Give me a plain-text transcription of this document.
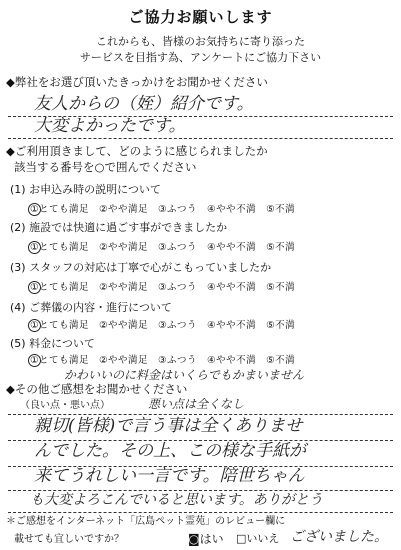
ご協力お願いします
これからも、皆様のお気持ちに寄り添った
サービスを目指す為、アンケートにご協力下さい
◆弊社をお選び頂いたきっかけをお聞かせください
友人からの（姪）紹介です。
大変よかったです。
◆ご利用頂きまして、どのように感じられましたか
該当する番号を○で囲んでください
(1) お申込み時の説明について
①とても満足　②やや満足　③ふつう　④やや不満　⑤不満
(2) 施設では快適に過ごす事ができましたか
①とても満足　②やや満足　③ふつう　④やや不満　⑤不満
(3) スタッフの対応は丁寧で心がこもっていましたか
①とても満足　②やや満足　③ふつう　④やや不満　⑤不満
(4) ご葬儀の内容・進行について
①とても満足　②やや満足　③ふつう　④やや不満　⑤不満
(5) 料金について
①とても満足　②やや満足　③ふつう　④やや不満　⑤不満
かわいいのに料金はいくらでもかまいません
◆その他ご感想をお聞かせください
（良い点・悪い点）	悪い点は全くなし
親切(皆様)で言う事は全くありませ
んでした。その上、この様な手紙が
来てうれしい一言です。陪世ちゃん
も大変よろこんでいると思います。ありがとう
＊ご感想をインターネット「広島ペット霊苑」のレビュー欄に
載せても宜しいですか？	◙はい □いいえ ございました。
